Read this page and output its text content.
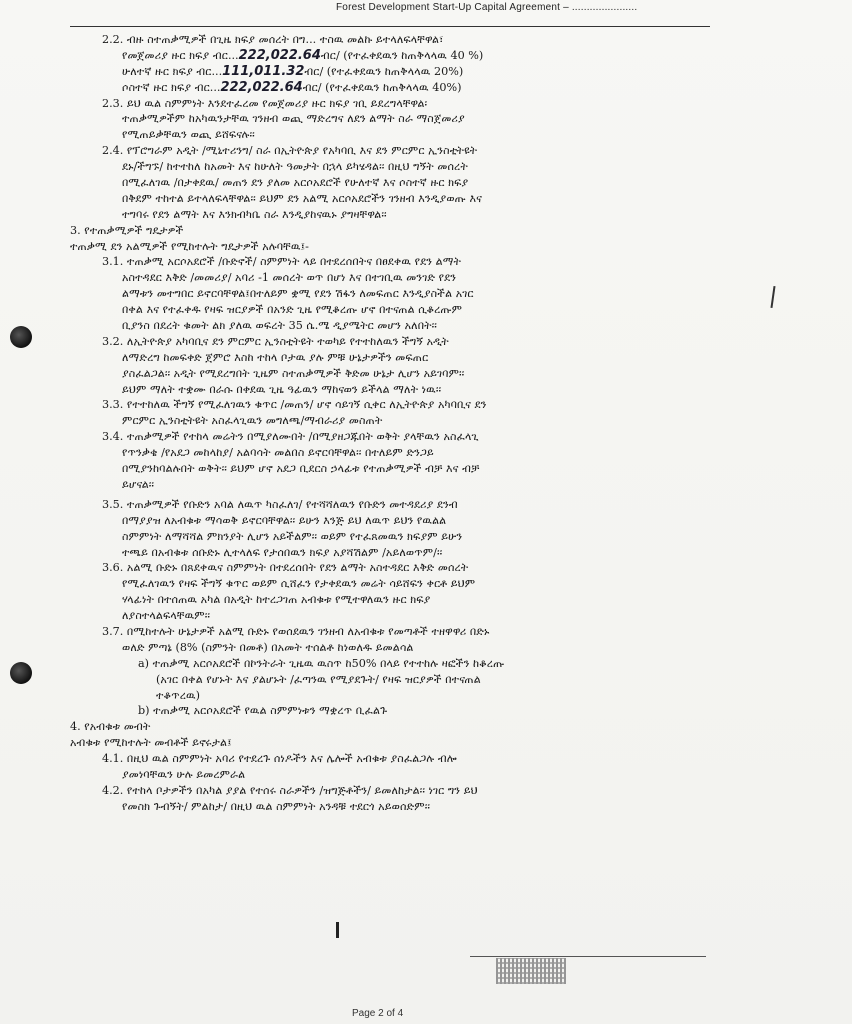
Forest Development Start-Up Capital Agreement – ......................
2.2. ብዙ ስተጠቃሚዎች በጊዜ ክፍያ መሰረት በግ... ተስዉ መልኩ ይተላለፍላቸዋል፣
የመጀመሪያ ዙር ክፍያ ብር...222,022.64ብር/ (የተፈቀደዉን ከጠቅላላዉ 40 %)
ሁለተኛ ዙር ክፍያ ብር...111,011.32ብር/ (የተፈቀደዉን ከጠቅላላዉ 20%)
ሶስተኛ ዙር ክፍያ ብር...222,022.64ብር/ (የተፈቀደዉን ከጠቅላላዉ 40%)
2.3. ይህ ዉል ስምምነት እንደተፈረመ የመጀመሪያ ዙር ክፍያ ገቢ ይደረግላቸዋል፡
ተጠቃሚዎችም ከአካዉንታቸዉ ገንዘብ ወጪ ማድረግና ለደን ልማት ስራ ማስጀመሪያ
የሚጠይቃቸዉን ወጪ ይሸፍናሉ፡፡
2.4. የፕሮግራም አዲት /ሚኒተሪንግ/ ስራ በኢትዮጵያ የአካባቢ እና ደን ምርምር ኢንስቲትዩት
ደኑ/ችግኙ/ ከተተከለ ከአመት እና ከሁለት ዓመታት በኋላ ይካሄዳል፡፡ በዚህ ግኝት መሰረት
በሚፈለገዉ /በታቀደዉ/ መጠን ደን ያለመ አርሶአደሮች የሁለተኛ እና ሶስተኛ ዙር ክፍያ
በቅደም ተከተል ይተላለፍላቸዋል፡፡ ይህም ደን አልሚ አርሶአደሮችን ገንዘብ እንዲያወጡ እና
ተግባሩ የደን ልማት እና እንክብካቤ ስራ እንዲያከናዉኑ ያግዛቸዋል፡፡
3. የተጠቃሚዎች ግዴታዎች
ተጠቃሚ ደን አልሚዎች የሚከተሉት ግዴታዎች አሉባቸዉ፤-
3.1. ተጠቃሚ አርሶአደሮች /ቡድኖች/ ስምምነት ላይ በተደረሰበትና በፀደቀዉ የደን ልማት
አስተዳደር እቅድ /መመሪያ/ አባሪ -1 መሰረት ወጥ በሆነ እና በተገቢዉ መንገድ የደን
ልማቱን መተግበር ይኖርባቸዋል፤በተለይም ቋሚ የደን ሽፋን ለመፍጠር እንዲያስችል አገር
በቀል እና የተፈቀዱ የዛፍ ዝርያዎች በአንድ ጊዜ የሚቆረጡ ሆኖ በተናጠል ሲቆረጡም
ቢያንስ በደረት ቁመት ልክ ያለዉ ወፍረት 35 ሴ.ሜ ዲያሜትር መሆን አለበት፡፡
3.2. ለኢትዮጵያ አካባቢና ደን ምርምር ኢንስቲትዩት ተወካይ የተተከለዉን ችግኝ አዲት
ለማድረግ ከመፍቀድ ጀምሮ እስከ ተከላ ቦታዉ ያሉ ምቹ ሁኔታዎችን መፍጠር
ያስፈልጋል፡፡ አዲት የሚደረግበት ጊዜም ስተጠቃሚዎች ቅድመ ሁኔታ ሊሆን አይገባም፡፡
ይህም ማለት ተቋሙ በራሱ በቀደዉ ጊዜ ዓፊዉን ማከናወን ይችላል ማለት ነዉ፡፡
3.3. የተተከለዉ ችግኝ የሚፈለገዉን ቁጥር /መጠን/ ሆኖ ሳይገኝ ሲቀር ለኢትዮጵያ አካባቢና ደን
ምርምር ኢንስቲትዩት አስፈላጊዉን መግለጫ/ማብራሪያ መስጠት
3.4. ተጠቃሚዎች የተከላ መሬትን በሚያለሙበት /በሚያዘጋጁበት ወቅት ያላቸዉን አስፈላጊ
የጥንቃቄ /የአደጋ መከላከያ/ አልባሳት መልበስ ይኖርባቸዋል፡፡ በተለይም ድንጋይ
በሚያንከባልሉበት ወቅት፡፡ ይህም ሆኖ አደጋ ቢደርስ ኃላፊቱ የተጠቃሚዎች ብቻ እና ብቻ
ይሆናል፡፡
3.5. ተጠቃሚዎች የቡድን አባል ለዉጥ ካስፈለገ/ የተሻሻለዉን የቡድን መተዳደሪያ ደንብ
በማያያዝ ለአብቁቱ ማሳወቅ ይኖርባቸዋል፡፡ ይሁን እንጅ ይህ ለዉጥ ይህን የዉልል
ስምምነት ለማሻሻል ምክንያት ሊሆን አይችልም፡፡ ወይም የተፈጸመዉን ክፍያም ይሁን
ተጫይ በአብቁቱ ሰቡድኑ ሊተላለፍ የታሰበዉን ክፍያ አያሻሽልም /አይለወጥም/፡፡
3.6. አልሚ ቡድኑ በጸደቀዉና ስምምነት በተደረሰበት የደን ልማት አስተዳደር እቅድ መሰረት
የሚፈለገዉን የዛፍ ችግኝ ቁጥር ወይም ሲሸፈን የታቀደዉን መሬት ሳይሸፍን ቀርቶ ይህም
ሃላፊነት በተሰጠዉ አካል በአዲት ከተረጋገጠ አብቁቱ የሚተዋለዉን ዙር ክፍያ
ለያስተላልፍላቸዉም፡፡
3.7. በሚከተሉት ሁኔታዎች አልሚ ቡድኑ የወሰደዉን ገንዘብ ለአብቁቱ የመጣቶች ተዘዋዋሪ በድኑ
ወለድ ምጣኔ (8% (ስምንት በመቶ) በአመት ተሰልቶ ከነወለዱ ይመልሳል
a) ተጠቃሚ አርሶአደሮች በኮንትራት ጊዜዉ ዉስጥ ከ50% በላይ የተተከሉ ዛፎችን ከቆረጡ
(አገር በቀል የሆኑት እና ያልሆኑት /ፈጣንዉ የሚያደጉት/ የዛፍ ዝርያዎች በተናጠል
ተቆጥረዉ)
b) ተጠቃሚ አርሶአደሮች የዉል ስምምነቱን ማቋረጥ ቢፈልጉ
4. የአብቁቱ መብት
አብቁቱ የሚከተሉት መብቶች ይኖሩታል፤
4.1. በዚህ ዉል ስምምነት አባሪ የተደረጉ ሰነዶችን እና ሌሎች አብቁቱ ያስፈልጋሉ ብሎ
ያመነባቸዉን ሁሉ ይመረምራል
4.2. የተከላ ቦታዎችን በአካል ያያል የተሰሩ ስራዎችን /ዝግጅቶችን/ ይመለከታል፡፡ ነገር ግን ይህ
የመስክ ጉብኝት/ ምልከታ/ በዚህ ዉል ስምምነት አንዳቹ ተደርጎ አይወሰድም፡፡
Page 2 of 4
